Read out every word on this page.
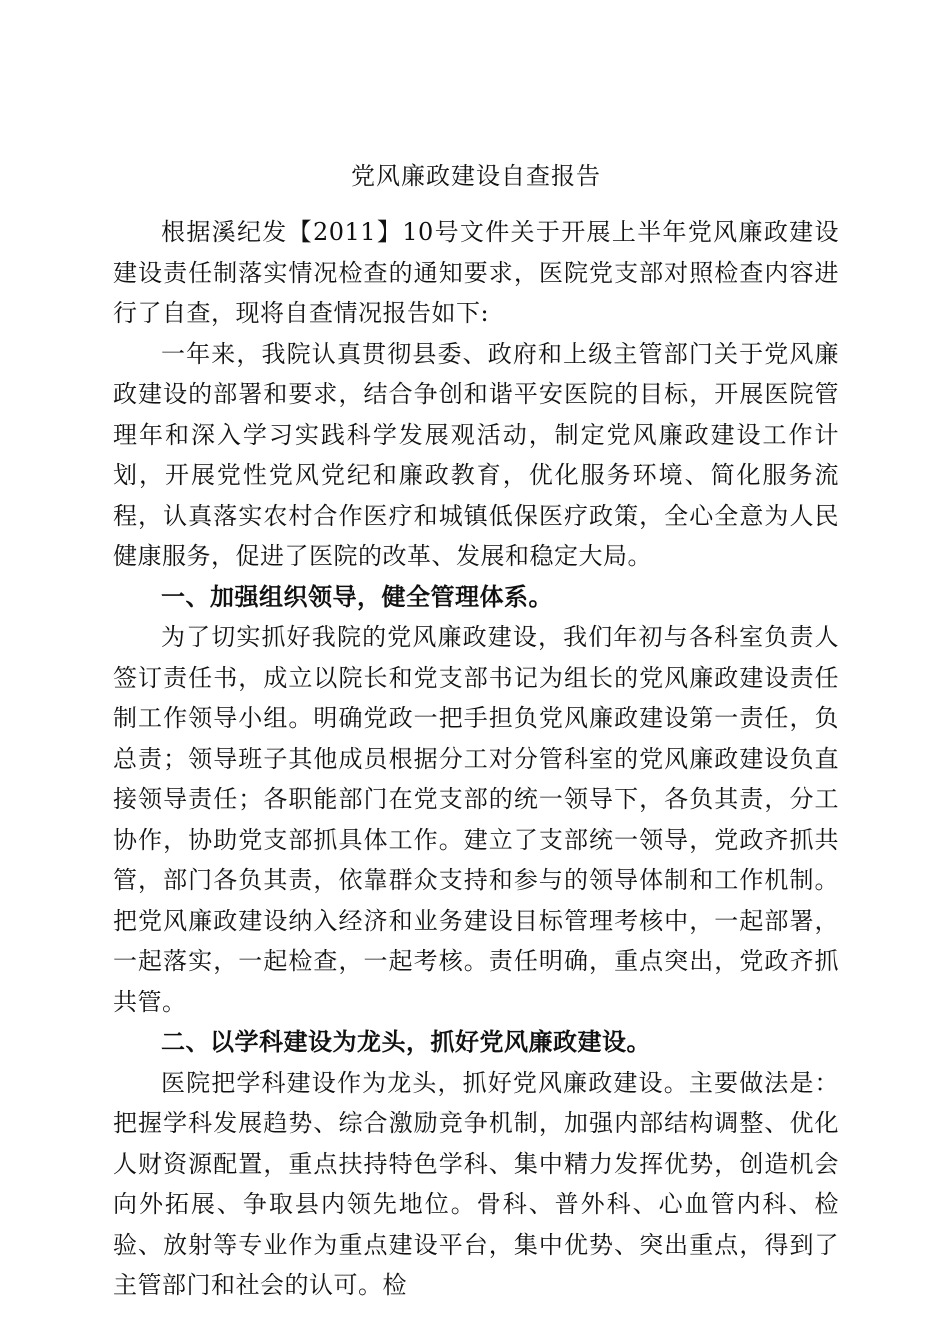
党风廉政建设自查报告

根据溪纪发【2011】10号文件关于开展上半年党风廉政建设建设责任制落实情况检查的通知要求，医院党支部对照检查内容进行了自查，现将自查情况报告如下:

一年来，我院认真贯彻县委、政府和上级主管部门关于党风廉政建设的部署和要求，结合争创和谐平安医院的目标，开展医院管理年和深入学习实践科学发展观活动，制定党风廉政建设工作计划，开展党性党风党纪和廉政教育，优化服务环境、简化服务流程，认真落实农村合作医疗和城镇低保医疗政策，全心全意为人民健康服务，促进了医院的改革、发展和稳定大局。

一、加强组织领导，健全管理体系。

为了切实抓好我院的党风廉政建设，我们年初与各科室负责人签订责任书，成立以院长和党支部书记为组长的党风廉政建设责任制工作领导小组。明确党政一把手担负党风廉政建设第一责任，负总责；领导班子其他成员根据分工对分管科室的党风廉政建设负直接领导责任；各职能部门在党支部的统一领导下，各负其责，分工协作，协助党支部抓具体工作。建立了支部统一领导，党政齐抓共管，部门各负其责，依靠群众支持和参与的领导体制和工作机制。把党风廉政建设纳入经济和业务建设目标管理考核中，一起部署，一起落实，一起检查，一起考核。责任明确，重点突出，党政齐抓共管。

二、以学科建设为龙头，抓好党风廉政建设。

医院把学科建设作为龙头，抓好党风廉政建设。主要做法是：把握学科发展趋势、综合激励竞争机制，加强内部结构调整、优化人财资源配置，重点扶持特色学科、集中精力发挥优势，创造机会向外拓展、争取县内领先地位。骨科、普外科、心血管内科、检验、放射等专业作为重点建设平台，集中优势、突出重点，得到了主管部门和社会的认可。检
